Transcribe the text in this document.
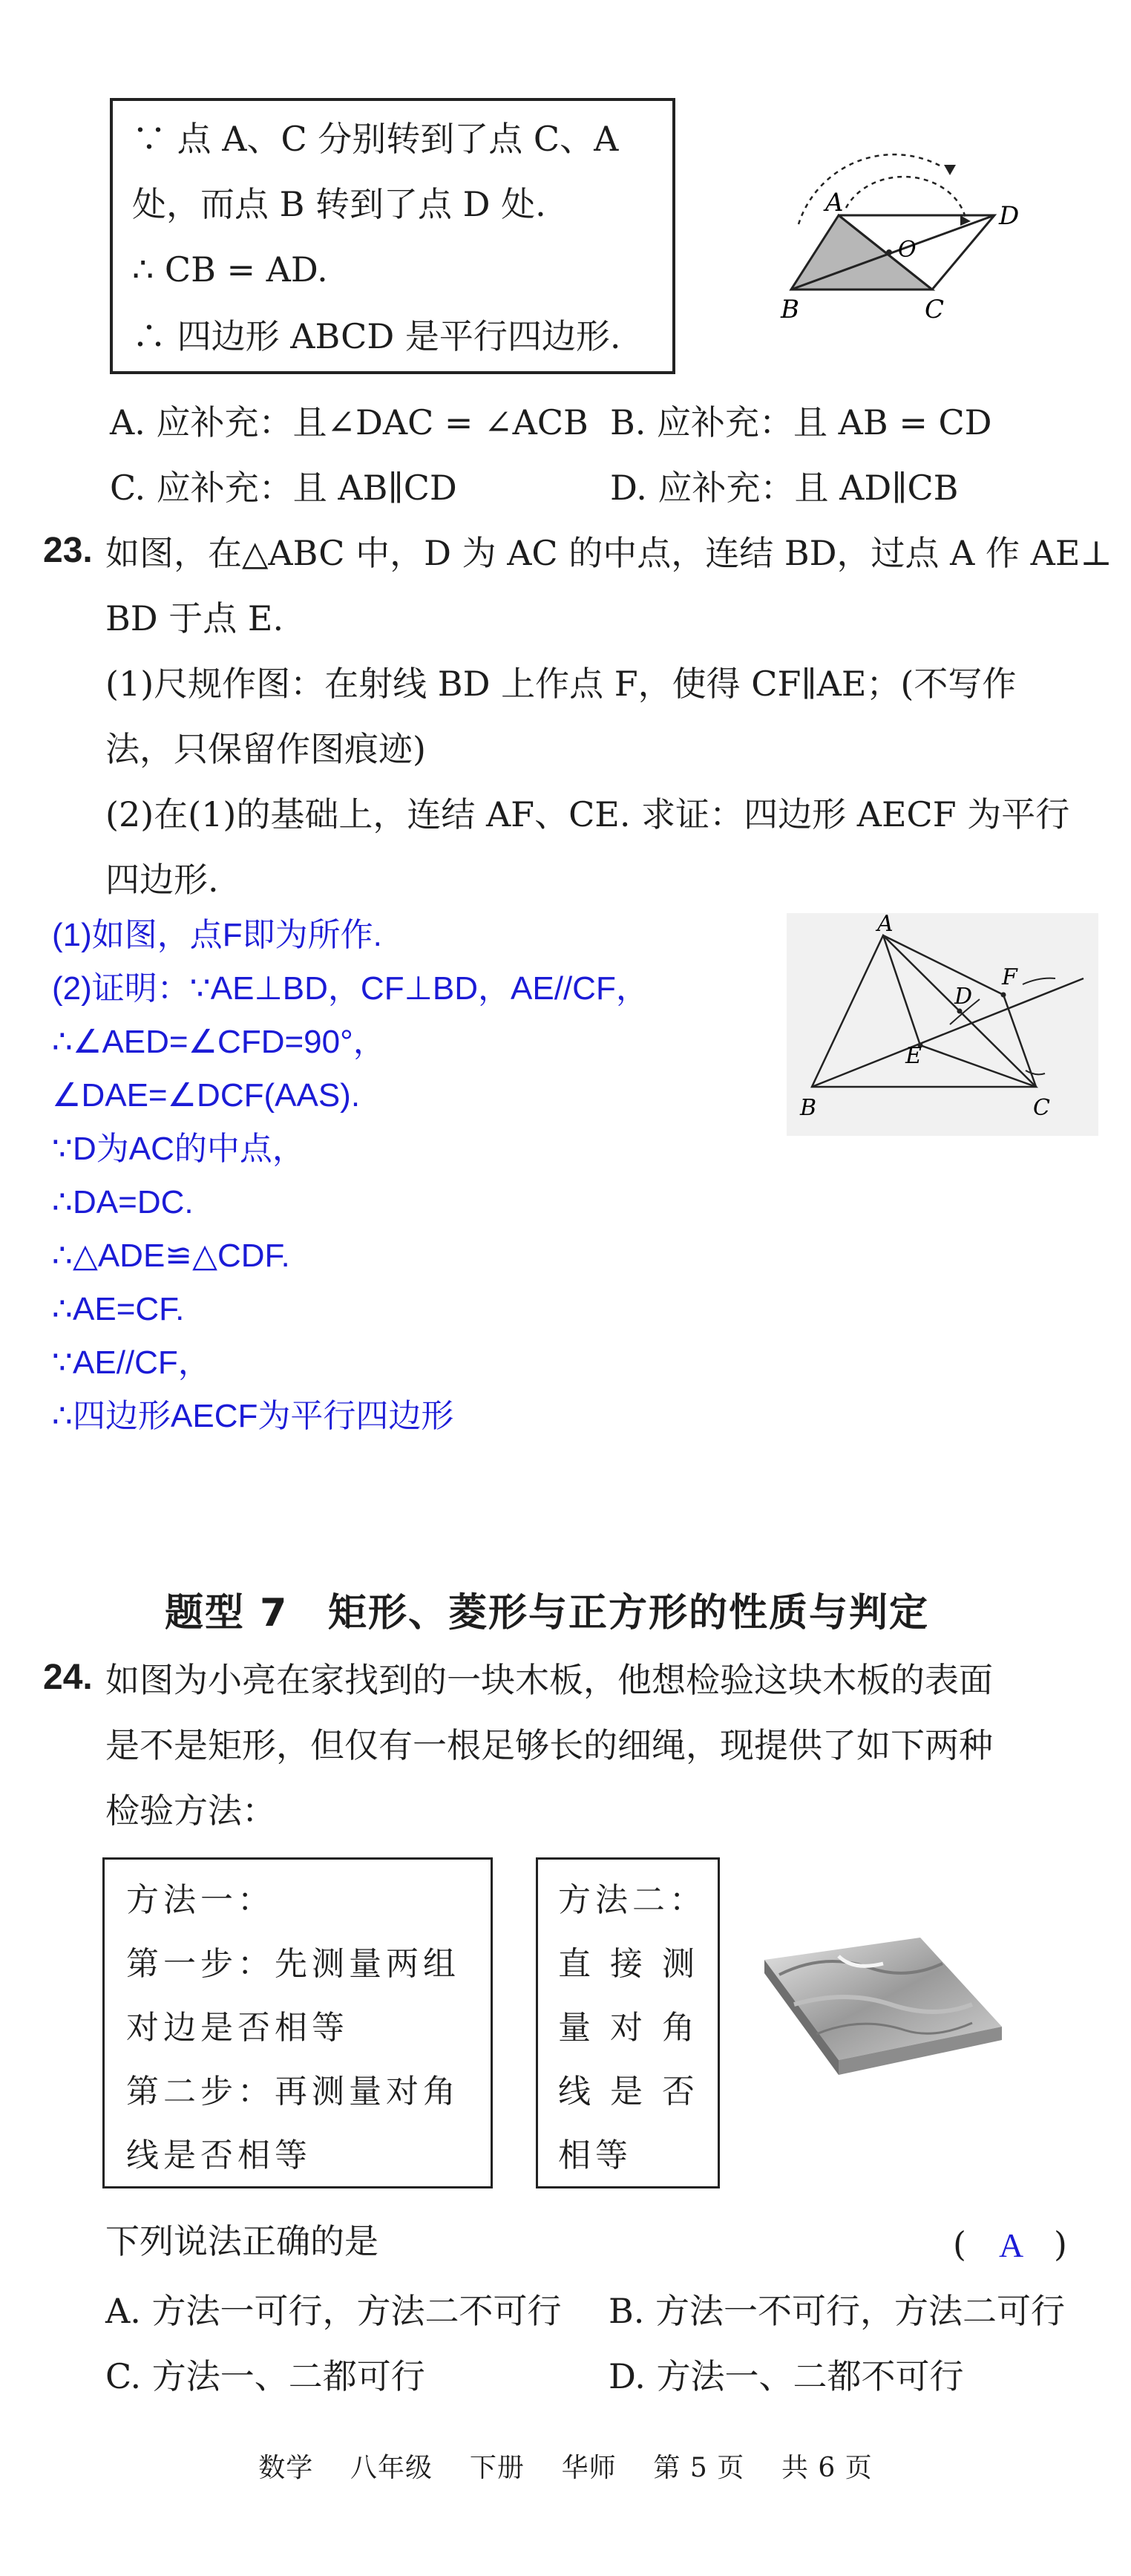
∵ 点 A、C 分别转到了点 C、A
处，而点 B 转到了点 D 处.
∴ CB = AD.
∴ 四边形 ABCD 是平行四边形.
A	D
O
B	C
A. 应补充：且∠DAC = ∠ACB B. 应补充：且 AB = CD
C. 应补充：且 AB∥CD	D. 应补充：且 AD∥CB
23. 如图，在△ABC 中，D 为 AC 的中点，连结 BD，过点 A 作 AE⊥
BD 于点 E.
(1)尺规作图：在射线 BD 上作点 F，使得 CF∥AE；(不写作
法，只保留作图痕迹)
(2)在(1)的基础上，连结 AF、CE. 求证：四边形 AECF 为平行
四边形.
(1)如图，点F即为所作.
(2)证明：∵AE⊥BD，CF⊥BD，AE//CF，
∴∠AED=∠CFD=90°，
∠DAE=∠DCF(AAS).
∵D为AC的中点，
∴DA=DC.
∴△ADE≌△CDF.
∴AE=CF.
∵AE//CF，
∴四边形AECF为平行四边形
A
D
F
E
B	C
题型 7 矩形、菱形与正方形的性质与判定
24. 如图为小亮在家找到的一块木板，他想检验这块木板的表面
是不是矩形，但仅有一根足够长的细绳，现提供了如下两种
检验方法：
方法一：
第一步：先测量两组
对边是否相等
第二步：再测量对角
线是否相等
方法二：
直 接 测
量 对 角
线 是 否
相等
下列说法正确的是	( A )
A. 方法一可行，方法二不可行 B. 方法一不可行，方法二可行
C. 方法一、二都可行	D. 方法一、二都不可行
数学 八年级 下册 华师 第 5 页 共 6 页
